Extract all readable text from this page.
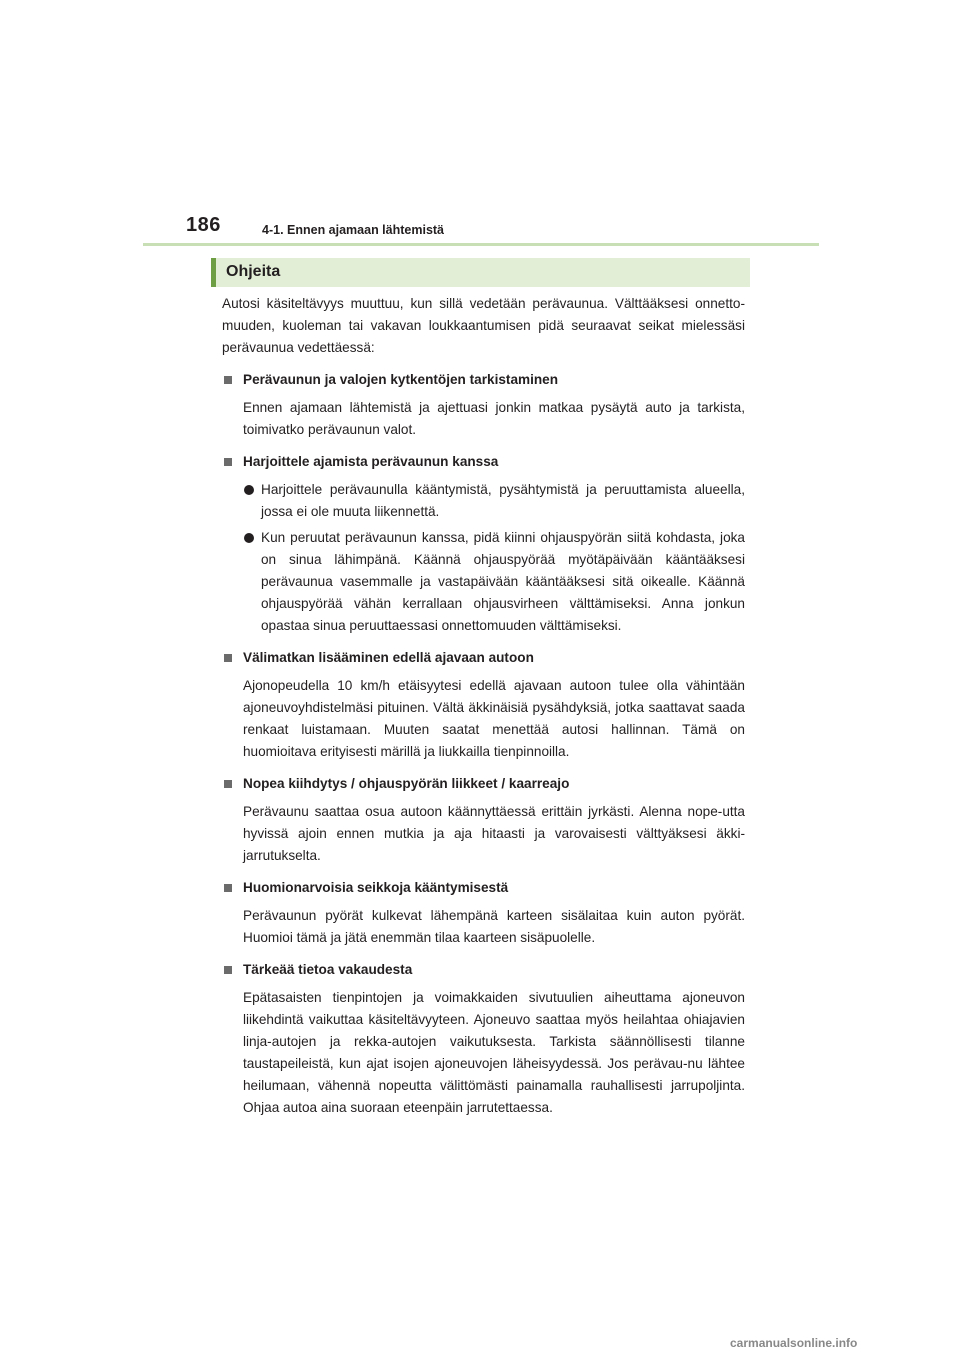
186	4-1. Ennen ajamaan lähtemistä
Ohjeita

Autosi käsiteltävyys muuttuu, kun sillä vedetään perävaunua. Välttääksesi onnetto-muuden, kuoleman tai vakavan loukkaantumisen pidä seuraavat seikat mielessäsi perävaunua vedettäessä:

Perävaunun ja valojen kytkentöjen tarkistaminen
Ennen ajamaan lähtemistä ja ajettuasi jonkin matkaa pysäytä auto ja tarkista, toimivatko perävaunun valot.
Harjoittele ajamista perävaunun kanssa
Harjoittele perävaunulla kääntymistä, pysähtymistä ja peruuttamista alueella, jossa ei ole muuta liikennettä.
Kun peruutat perävaunun kanssa, pidä kiinni ohjauspyörän siitä kohdasta, joka on sinua lähimpänä. Käännä ohjauspyörää myötäpäivään kääntääksesi perävaunua vasemmalle ja vastapäivään kääntääksesi sitä oikealle. Käännä ohjauspyörää vähän kerrallaan ohjausvirheen välttämiseksi. Anna jonkun opastaa sinua peruuttaessasi onnettomuuden välttämiseksi.
Välimatkan lisääminen edellä ajavaan autoon
Ajonopeudella 10 km/h etäisyytesi edellä ajavaan autoon tulee olla vähintään ajoneuvoyhdistelmäsi pituinen. Vältä äkkinäisiä pysähdyksiä, jotka saattavat saada renkaat luistamaan. Muuten saatat menettää autosi hallinnan. Tämä on huomioitava erityisesti märillä ja liukkailla tienpinnoilla.
Nopea kiihdytys / ohjauspyörän liikkeet / kaarreajo
Perävaunu saattaa osua autoon käännyttäessä erittäin jyrkästi. Alenna nope-utta hyvissä ajoin ennen mutkia ja aja hitaasti ja varovaisesti välttyäksesi äkki-jarrutukselta.
Huomionarvoisia seikkoja kääntymisestä
Perävaunun pyörät kulkevat lähempänä karteen sisälaitaa kuin auton pyörät. Huomioi tämä ja jätä enemmän tilaa kaarteen sisäpuolelle.
Tärkeää tietoa vakaudesta
Epätasaisten tienpintojen ja voimakkaiden sivutuulien aiheuttama ajoneuvon liikehdintä vaikuttaa käsiteltävyyteen. Ajoneuvo saattaa myös heilahtaa ohiajavien linja-autojen ja rekka-autojen vaikutuksesta. Tarkista säännöllisesti tilanne taustapeileistä, kun ajat isojen ajoneuvojen läheisyydessä. Jos perävau-nu lähtee heilumaan, vähennä nopeutta välittömästi painamalla rauhallisesti jarrupoljinta. Ohjaa autoa aina suoraan eteenpäin jarrutettaessa.
carmanualsonline.info
